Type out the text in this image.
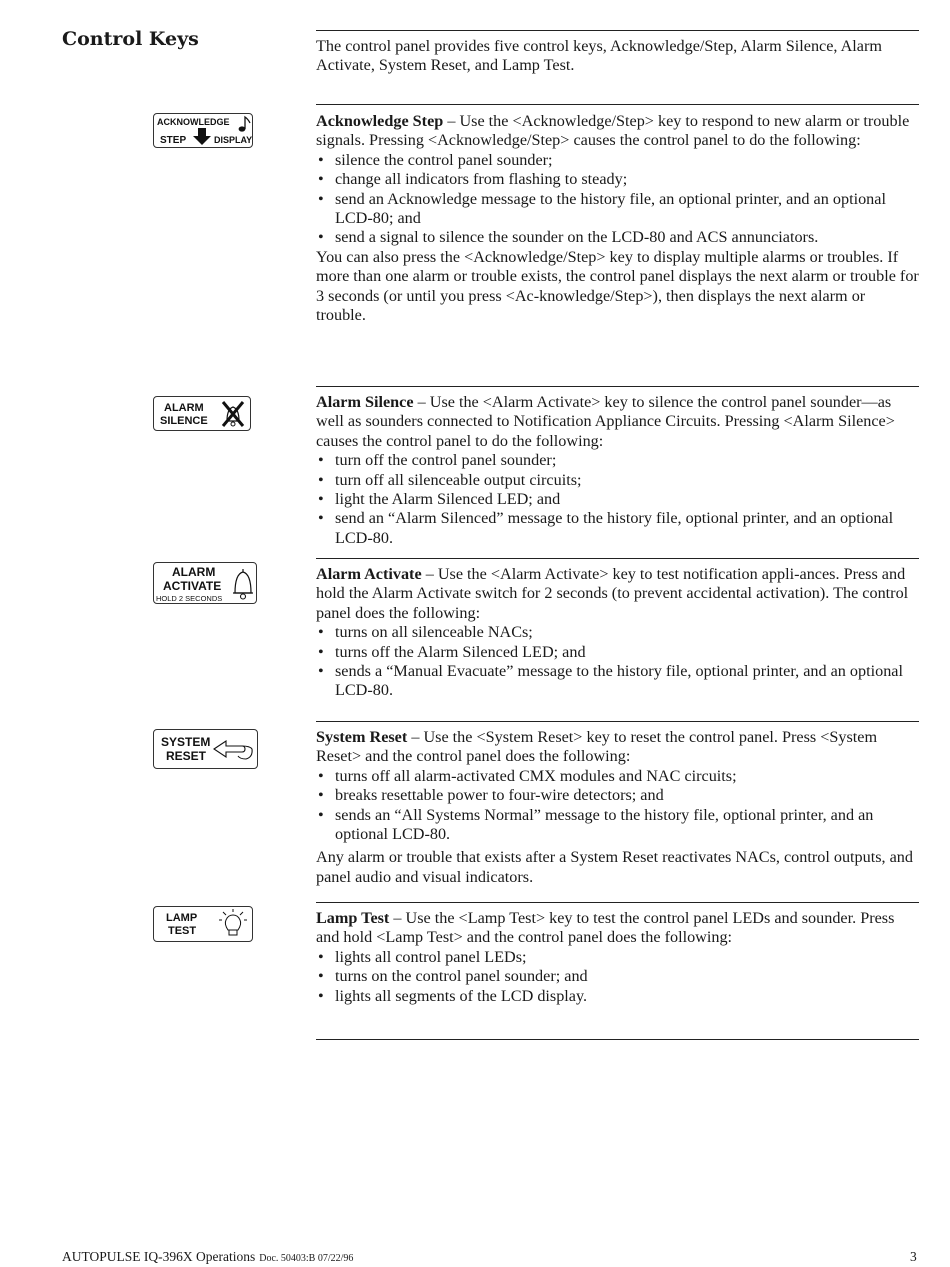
Control Keys	The control panel provides five control keys, Acknowledge/Step, Alarm Silence, Alarm Activate, System Reset, and Lamp Test.

ACKNOWLEDGE
STEP	DISPLAY

Acknowledge Step – Use the <Acknowledge/Step> key to respond to new alarm or trouble signals. Pressing <Acknowledge/Step> causes the control panel to do the following:

• silence the control panel sounder;
• change all indicators from flashing to steady;
• send an Acknowledge message to the history file, an optional printer, and an optional LCD-80; and
• send a signal to silence the sounder on the LCD-80 and ACS annunciators.

You can also press the <Acknowledge/Step> key to display multiple alarms or troubles. If more than one alarm or trouble exists, the control panel displays the next alarm or trouble for 3 seconds (or until you press <Ac-knowledge/Step>), then displays the next alarm or trouble.

ALARM
SILENCE

Alarm Silence – Use the <Alarm Activate> key to silence the control panel sounder—as well as sounders connected to Notification Appliance Circuits. Pressing <Alarm Silence> causes the control panel to do the following:

• turn off the control panel sounder;
• turn off all silenceable output circuits;
• light the Alarm Silenced LED; and
• send an “Alarm Silenced” message to the history file, optional printer, and an optional LCD-80.
ALARM
ACTIVATE
HOLD 2 SECONDS

Alarm Activate – Use the <Alarm Activate> key to test notification appli-ances. Press and hold the Alarm Activate switch for 2 seconds (to prevent accidental activation). The control panel does the following:

• turns on all silenceable NACs;
• turns off the Alarm Silenced LED; and
• sends a “Manual Evacuate” message to the history file, optional printer, and an optional LCD-80.
SYSTEM
RESET

System Reset – Use the <System Reset> key to reset the control panel. Press <System Reset> and the control panel does the following:

• turns off all alarm-activated CMX modules and NAC circuits;
• breaks resettable power to four-wire detectors; and
• sends an “All Systems Normal” message to the history file, optional printer, and an optional LCD-80.

Any alarm or trouble that exists after a System Reset reactivates NACs, control outputs, and panel audio and visual indicators.

LAMP
TEST

Lamp Test – Use the <Lamp Test> key to test the control panel LEDs and sounder. Press and hold <Lamp Test> and the control panel does the following:

• lights all control panel LEDs;
• turns on the control panel sounder; and
• lights all segments of the LCD display.
AUTOPULSE IQ-396X Operations Doc. 50403:B 07/22/96	3
